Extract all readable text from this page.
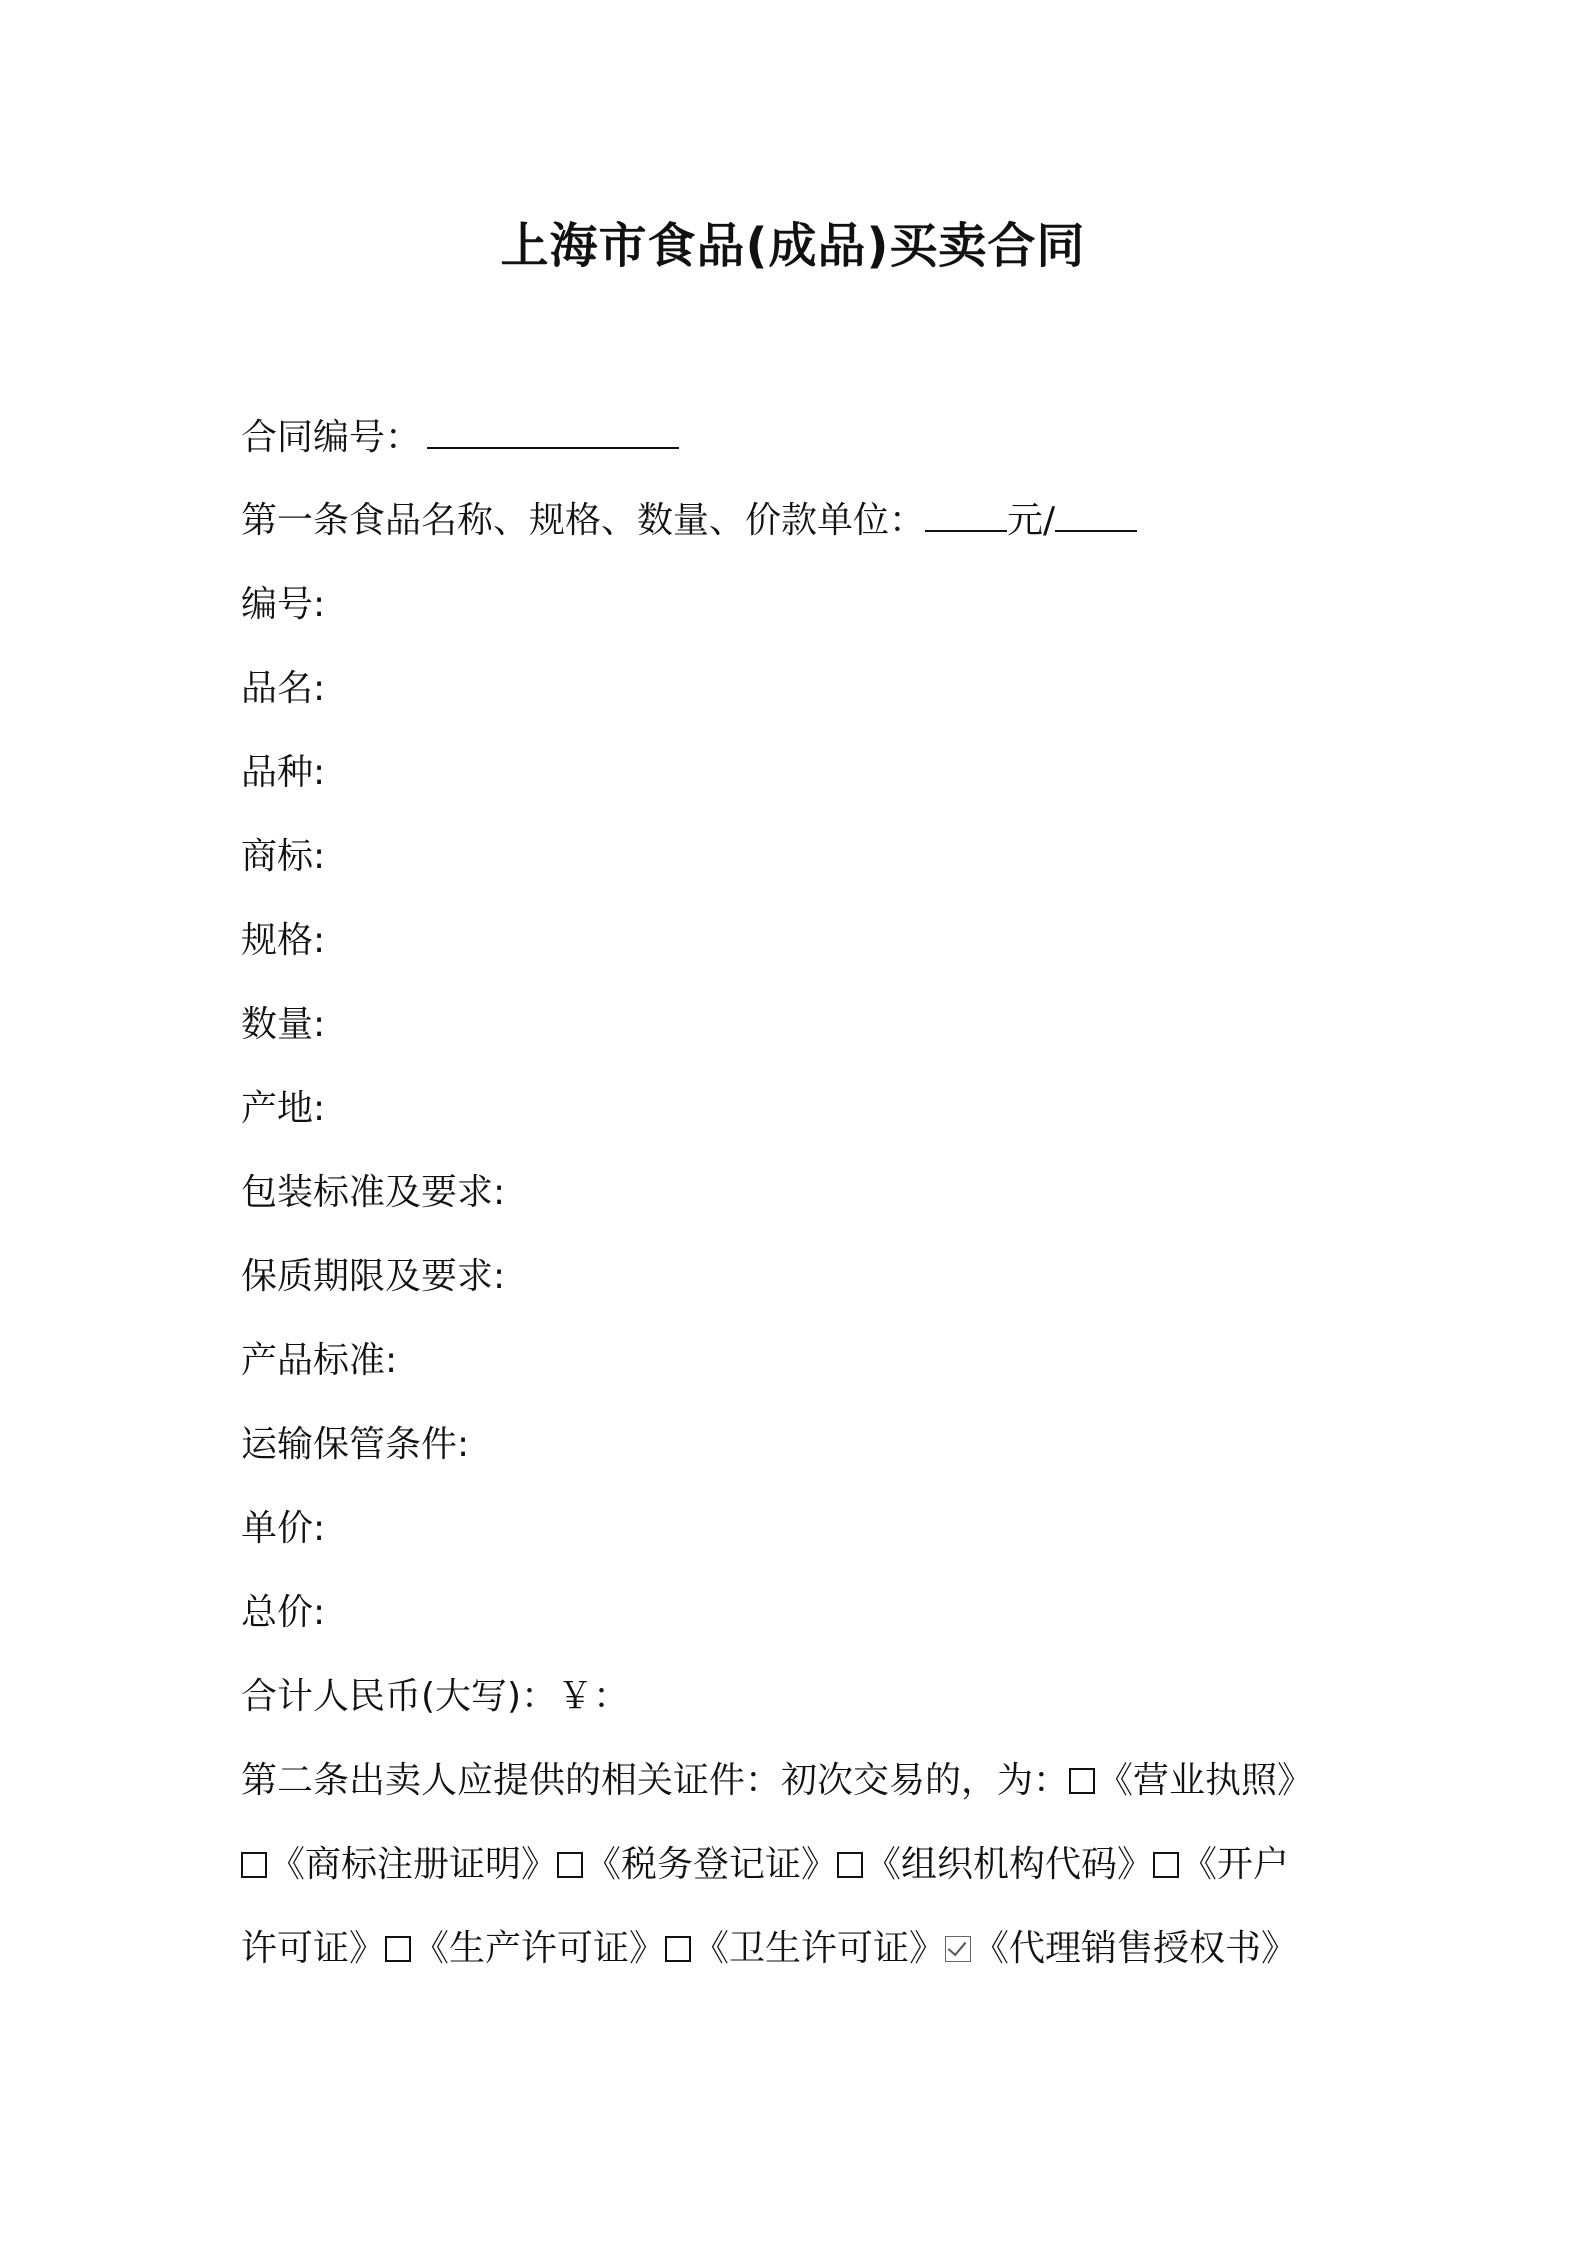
上海市食品(成品)买卖合同
合同编号：
第一条食品名称、规格、数量、价款单位： 元/
编号:
品名:
品种:
商标:
规格:
数量:
产地:
包装标准及要求:
保质期限及要求:
产品标准:
运输保管条件:
单价:
总价:
合计人民币(大写)：￥：
第二条出卖人应提供的相关证件：初次交易的，为： 《营业执照》
《商标注册证明》 《税务登记证》 《组织机构代码》 《开户
许可证》 《生产许可证》 《卫生许可证》 《代理销售授权书》
